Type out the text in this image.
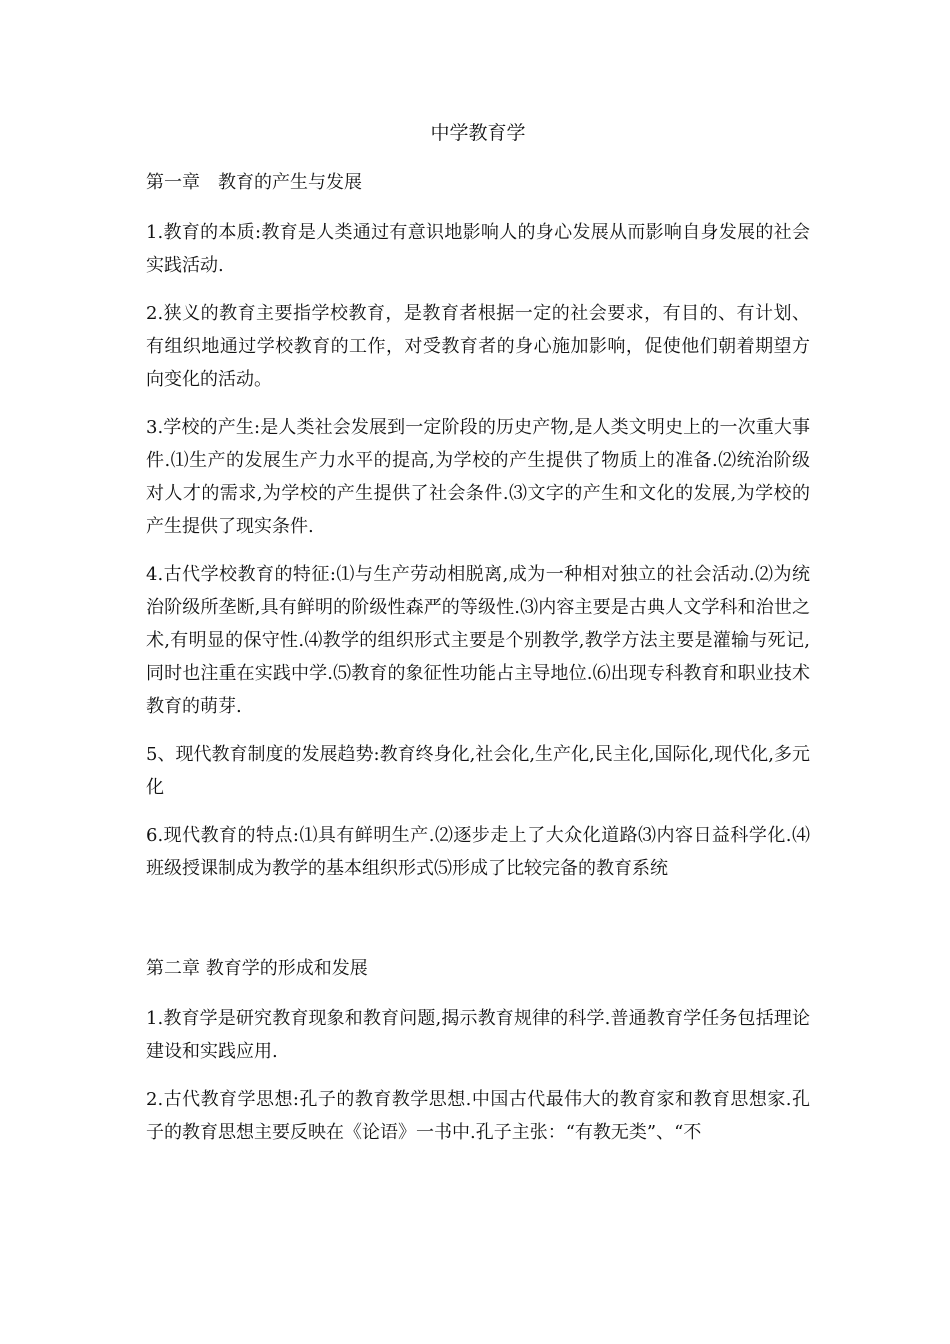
中学教育学
第一章　教育的产生与发展

1.教育的本质:教育是人类通过有意识地影响人的身心发展从而影响自身发展的社会实践活动.

2.狭义的教育主要指学校教育，是教育者根据一定的社会要求，有目的、有计划、有组织地通过学校教育的工作，对受教育者的身心施加影响，促使他们朝着期望方向变化的活动。

3.学校的产生:是人类社会发展到一定阶段的历史产物,是人类文明史上的一次重大事件.⑴生产的发展生产力水平的提高,为学校的产生提供了物质上的准备.⑵统治阶级对人才的需求,为学校的产生提供了社会条件.⑶文字的产生和文化的发展,为学校的产生提供了现实条件.

4.古代学校教育的特征:⑴与生产劳动相脱离,成为一种相对独立的社会活动.⑵为统治阶级所垄断,具有鲜明的阶级性森严的等级性.⑶内容主要是古典人文学科和治世之术,有明显的保守性.⑷教学的组织形式主要是个别教学,教学方法主要是灌输与死记,同时也注重在实践中学.⑸教育的象征性功能占主导地位.⑹出现专科教育和职业技术教育的萌芽.

5、现代教育制度的发展趋势:教育终身化,社会化,生产化,民主化,国际化,现代化,多元化

6.现代教育的特点:⑴具有鲜明生产.⑵逐步走上了大众化道路⑶内容日益科学化.⑷班级授课制成为教学的基本组织形式⑸形成了比较完备的教育系统

第二章 教育学的形成和发展

1.教育学是研究教育现象和教育问题,揭示教育规律的科学.普通教育学任务包括理论建设和实践应用.

2.古代教育学思想:孔子的教育教学思想.中国古代最伟大的教育家和教育思想家.孔子的教育思想主要反映在《论语》一书中.孔子主张：“有教无类”、“不
